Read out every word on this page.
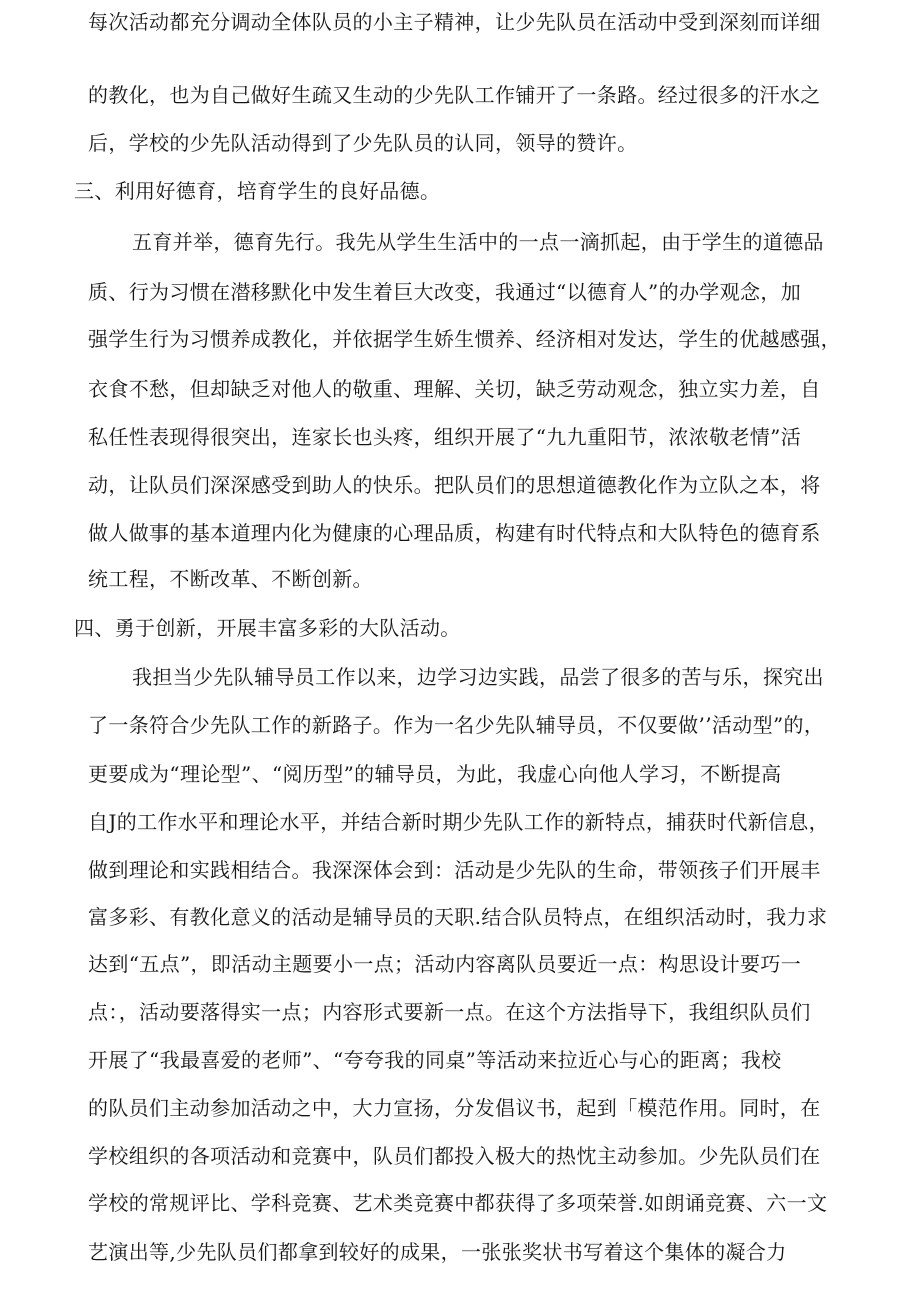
每次活动都充分调动全体队员的小主子精神，让少先队员在活动中受到深刻而详细
的教化，也为自己做好生疏又生动的少先队工作铺开了一条路。经过很多的汗水之
后，学校的少先队活动得到了少先队员的认同，领导的赞许。
三、利用好德育，培育学生的良好品德。
五育并举，德育先行。我先从学生生活中的一点一滴抓起，由于学生的道德品
质、行为习惯在潜移默化中发生着巨大改变，我通过“以德育人”的办学观念，加
强学生行为习惯养成教化，并依据学生娇生惯养、经济相对发达，学生的优越感强，
衣食不愁，但却缺乏对他人的敬重、理解、关切，缺乏劳动观念，独立实力差，自
私任性表现得很突出，连家长也头疼，组织开展了“九九重阳节，浓浓敬老情”活
动，让队员们深深感受到助人的快乐。把队员们的思想道德教化作为立队之本，将
做人做事的基本道理内化为健康的心理品质，构建有时代特点和大队特色的德育系
统工程，不断改革、不断创新。
四、勇于创新，开展丰富多彩的大队活动。
我担当少先队辅导员工作以来，边学习边实践，品尝了很多的苦与乐，探究出
了一条符合少先队工作的新路子。作为一名少先队辅导员，不仅要做’’活动型”的，
更要成为“理论型”、“阅历型”的辅导员，为此，我虚心向他人学习，不断提高
自J的工作水平和理论水平，并结合新时期少先队工作的新特点，捕获时代新信息，
做到理论和实践相结合。我深深体会到：活动是少先队的生命，带领孩子们开展丰
富多彩、有教化意义的活动是辅导员的天职.结合队员特点，在组织活动时，我力求
达到“五点”，即活动主题要小一点；活动内容离队员要近一点：构思设计要巧一
点：，活动要落得实一点；内容形式要新一点。在这个方法指导下，我组织队员们
开展了“我最喜爱的老师”、“夸夸我的同桌”等活动来拉近心与心的距离；我校
的队员们主动参加活动之中，大力宣扬，分发倡议书，起到「模范作用。同时，在
学校组织的各项活动和竞赛中，队员们都投入极大的热忱主动参加。少先队员们在
学校的常规评比、学科竞赛、艺术类竞赛中都获得了多项荣誉.如朗诵竞赛、六一文
艺演出等,少先队员们都拿到较好的成果，一张张奖状书写着这个集体的凝合力
